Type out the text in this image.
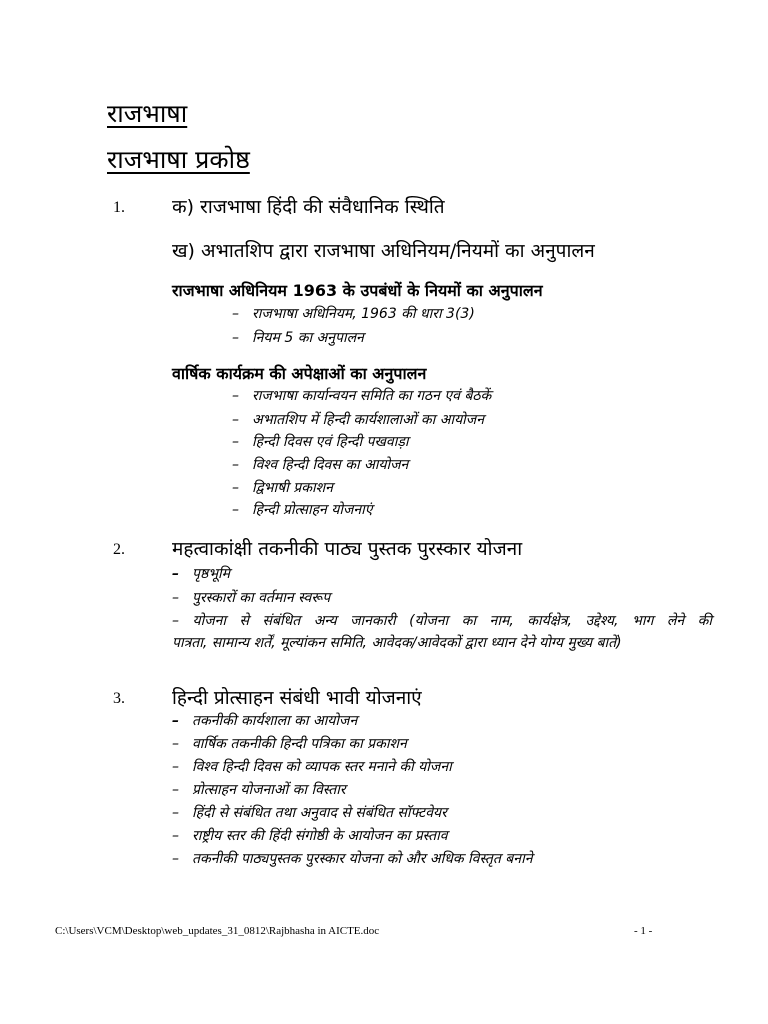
राजभाषा
राजभाषा प्रकोष्ठ
1. क) राजभाषा हिंदी की संवैधानिक स्थिति
ख) अभातशिप द्वारा राजभाषा अधिनियम/नियमों का अनुपालन
राजभाषा अधिनियम 1963 के उपबंधों के नियमों का अनुपालन
– राजभाषा अधिनियम, 1963 की धारा 3(3)
– नियम 5 का अनुपालन
वार्षिक कार्यक्रम की अपेक्षाओं का अनुपालन
– राजभाषा कार्यान्वयन समिति का गठन एवं बैठकें
– अभातशिप में हिन्दी कार्यशालाओं का आयोजन
– हिन्दी दिवस एवं हिन्दी पखवाड़ा
– विश्व हिन्दी दिवस का आयोजन
– द्विभाषी प्रकाशन
– हिन्दी प्रोत्साहन योजनाएं
2. महत्वाकांक्षी तकनीकी पाठ्य पुस्तक पुरस्कार योजना
– पृष्ठभूमि
– पुरस्कारों का वर्तमान स्वरूप
– योजना से संबंधित अन्य जानकारी (योजना का नाम, कार्यक्षेत्र, उद्देश्य, भाग लेने की
पात्रता, सामान्य शर्तें, मूल्यांकन समिति, आवेदक/आवेदकों द्वारा ध्यान देने योग्य मुख्य बातें)
3. हिन्दी प्रोत्साहन संबंधी भावी योजनाएं
– तकनीकी कार्यशाला का आयोजन
– वार्षिक तकनीकी हिन्दी पत्रिका का प्रकाशन
– विश्व हिन्दी दिवस को व्यापक स्तर मनाने की योजना
– प्रोत्साहन योजनाओं का विस्तार
– हिंदी से संबंधित तथा अनुवाद से संबंधित सॉफ्टवेयर
– राष्ट्रीय स्तर की हिंदी संगोष्ठी के आयोजन का प्रस्ताव
– तकनीकी पाठ्यपुस्तक पुरस्कार योजना को और अधिक विस्तृत बनाने
C:\Users\VCM\Desktop\web_updates_31_0812\Rajbhasha in AICTE.doc	- 1 -
